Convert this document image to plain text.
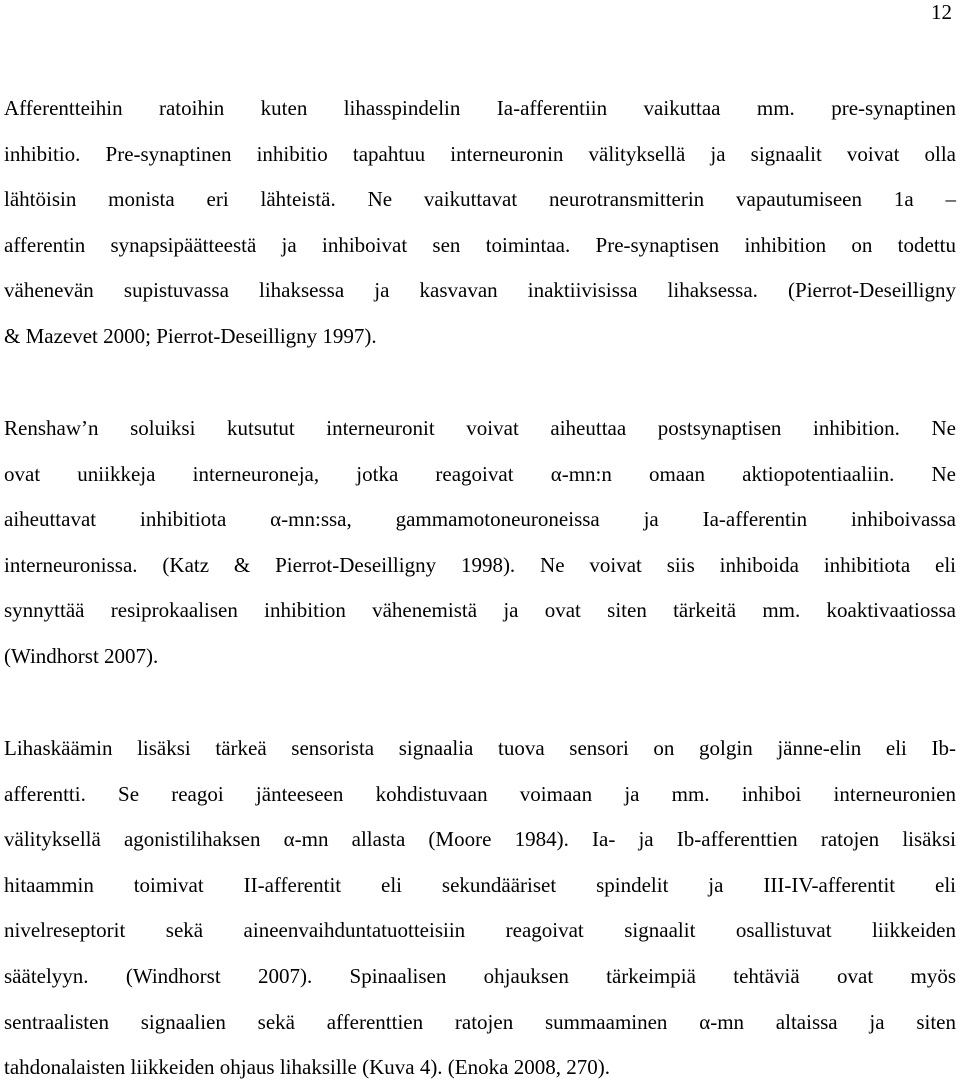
12
Afferentteihin ratoihin kuten lihasspindelin Ia-afferentiin vaikuttaa mm. pre-synaptinen
inhibitio. Pre-synaptinen inhibitio tapahtuu interneuronin välityksellä ja signaalit voivat olla
lähtöisin monista eri lähteistä. Ne vaikuttavat neurotransmitterin vapautumiseen 1a –
afferentin synapsipäätteestä ja inhiboivat sen toimintaa. Pre-synaptisen inhibition on todettu
vähenevän supistuvassa lihaksessa ja kasvavan inaktiivisissa lihaksessa. (Pierrot-Deseilligny
& Mazevet 2000; Pierrot-Deseilligny 1997).
Renshaw’n soluiksi kutsutut interneuronit voivat aiheuttaa postsynaptisen inhibition. Ne
ovat uniikkeja interneuroneja, jotka reagoivat α-mn:n omaan aktiopotentiaaliin. Ne
aiheuttavat inhibitiota α-mn:ssa, gammamotoneuroneissa ja Ia-afferentin inhiboivassa
interneuronissa. (Katz & Pierrot-Deseilligny 1998). Ne voivat siis inhiboida inhibitiota eli
synnyttää resiprokaalisen inhibition vähenemistä ja ovat siten tärkeitä mm. koaktivaatiossa
(Windhorst 2007).
Lihaskäämin lisäksi tärkeä sensorista signaalia tuova sensori on golgin jänne-elin eli Ib-
afferentti. Se reagoi jänteeseen kohdistuvaan voimaan ja mm. inhiboi interneuronien
välityksellä agonistilihaksen α-mn allasta (Moore 1984). Ia- ja Ib-afferenttien ratojen lisäksi
hitaammin toimivat II-afferentit eli sekundääriset spindelit ja III-IV-afferentit eli
nivelreseptorit sekä aineenvaihduntatuotteisiin reagoivat signaalit osallistuvat liikkeiden
säätelyyn. (Windhorst 2007). Spinaalisen ohjauksen tärkeimpiä tehtäviä ovat myös
sentraalisten signaalien sekä afferenttien ratojen summaaminen α-mn altaissa ja siten
tahdonalaisten liikkeiden ohjaus lihaksille (Kuva 4). (Enoka 2008, 270).
